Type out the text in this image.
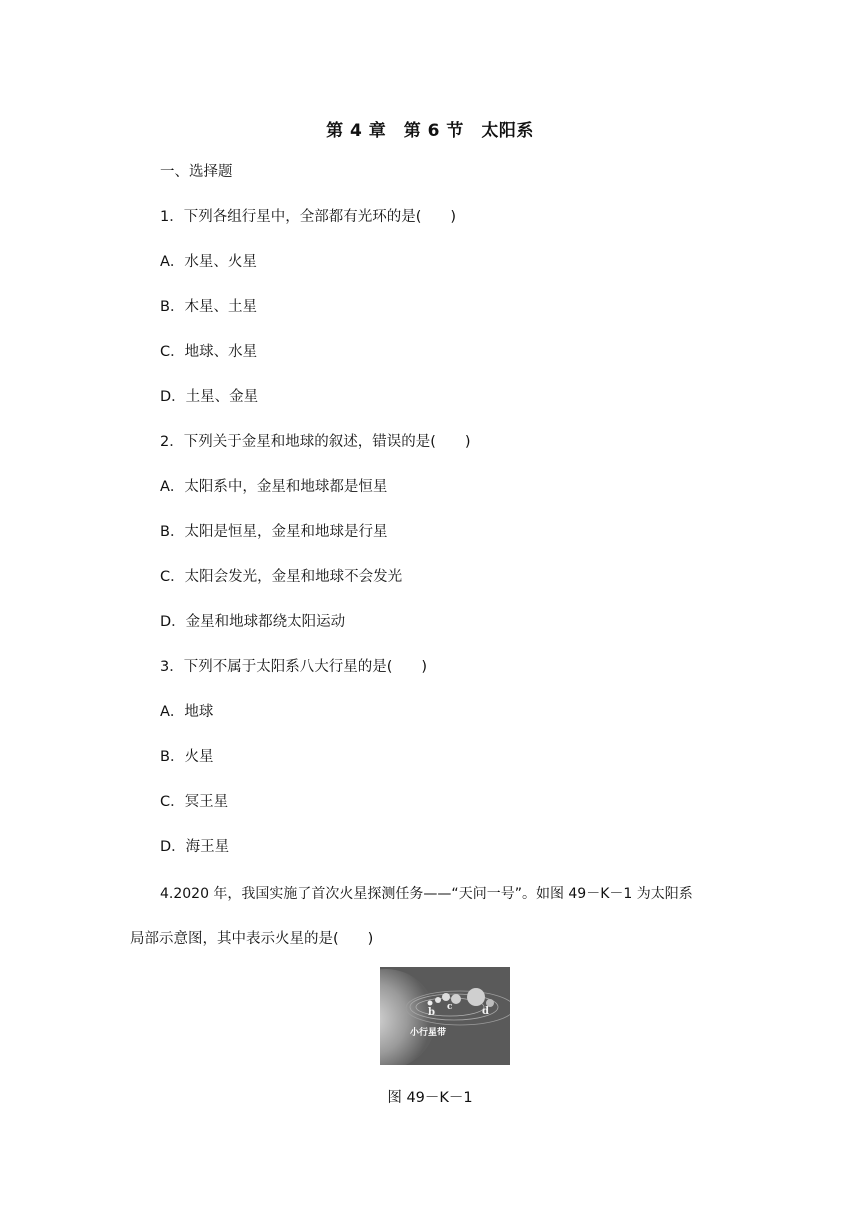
第 4 章　第 6 节　太阳系
一、选择题
1．下列各组行星中，全部都有光环的是(　　)
A．水星、火星
B．木星、土星
C．地球、水星
D．土星、金星
2．下列关于金星和地球的叙述，错误的是(　　)
A．太阳系中，金星和地球都是恒星
B．太阳是恒星，金星和地球是行星
C．太阳会发光，金星和地球不会发光
D．金星和地球都绕太阳运动
3．下列不属于太阳系八大行星的是(　　)
A．地球
B．火星
C．冥王星
D．海王星
4.2020 年，我国实施了首次火星探测任务——“天问一号”。如图 49－K－1 为太阳系
局部示意图，其中表示火星的是(　　)
b c	d
小行星带
图 49－K－1
